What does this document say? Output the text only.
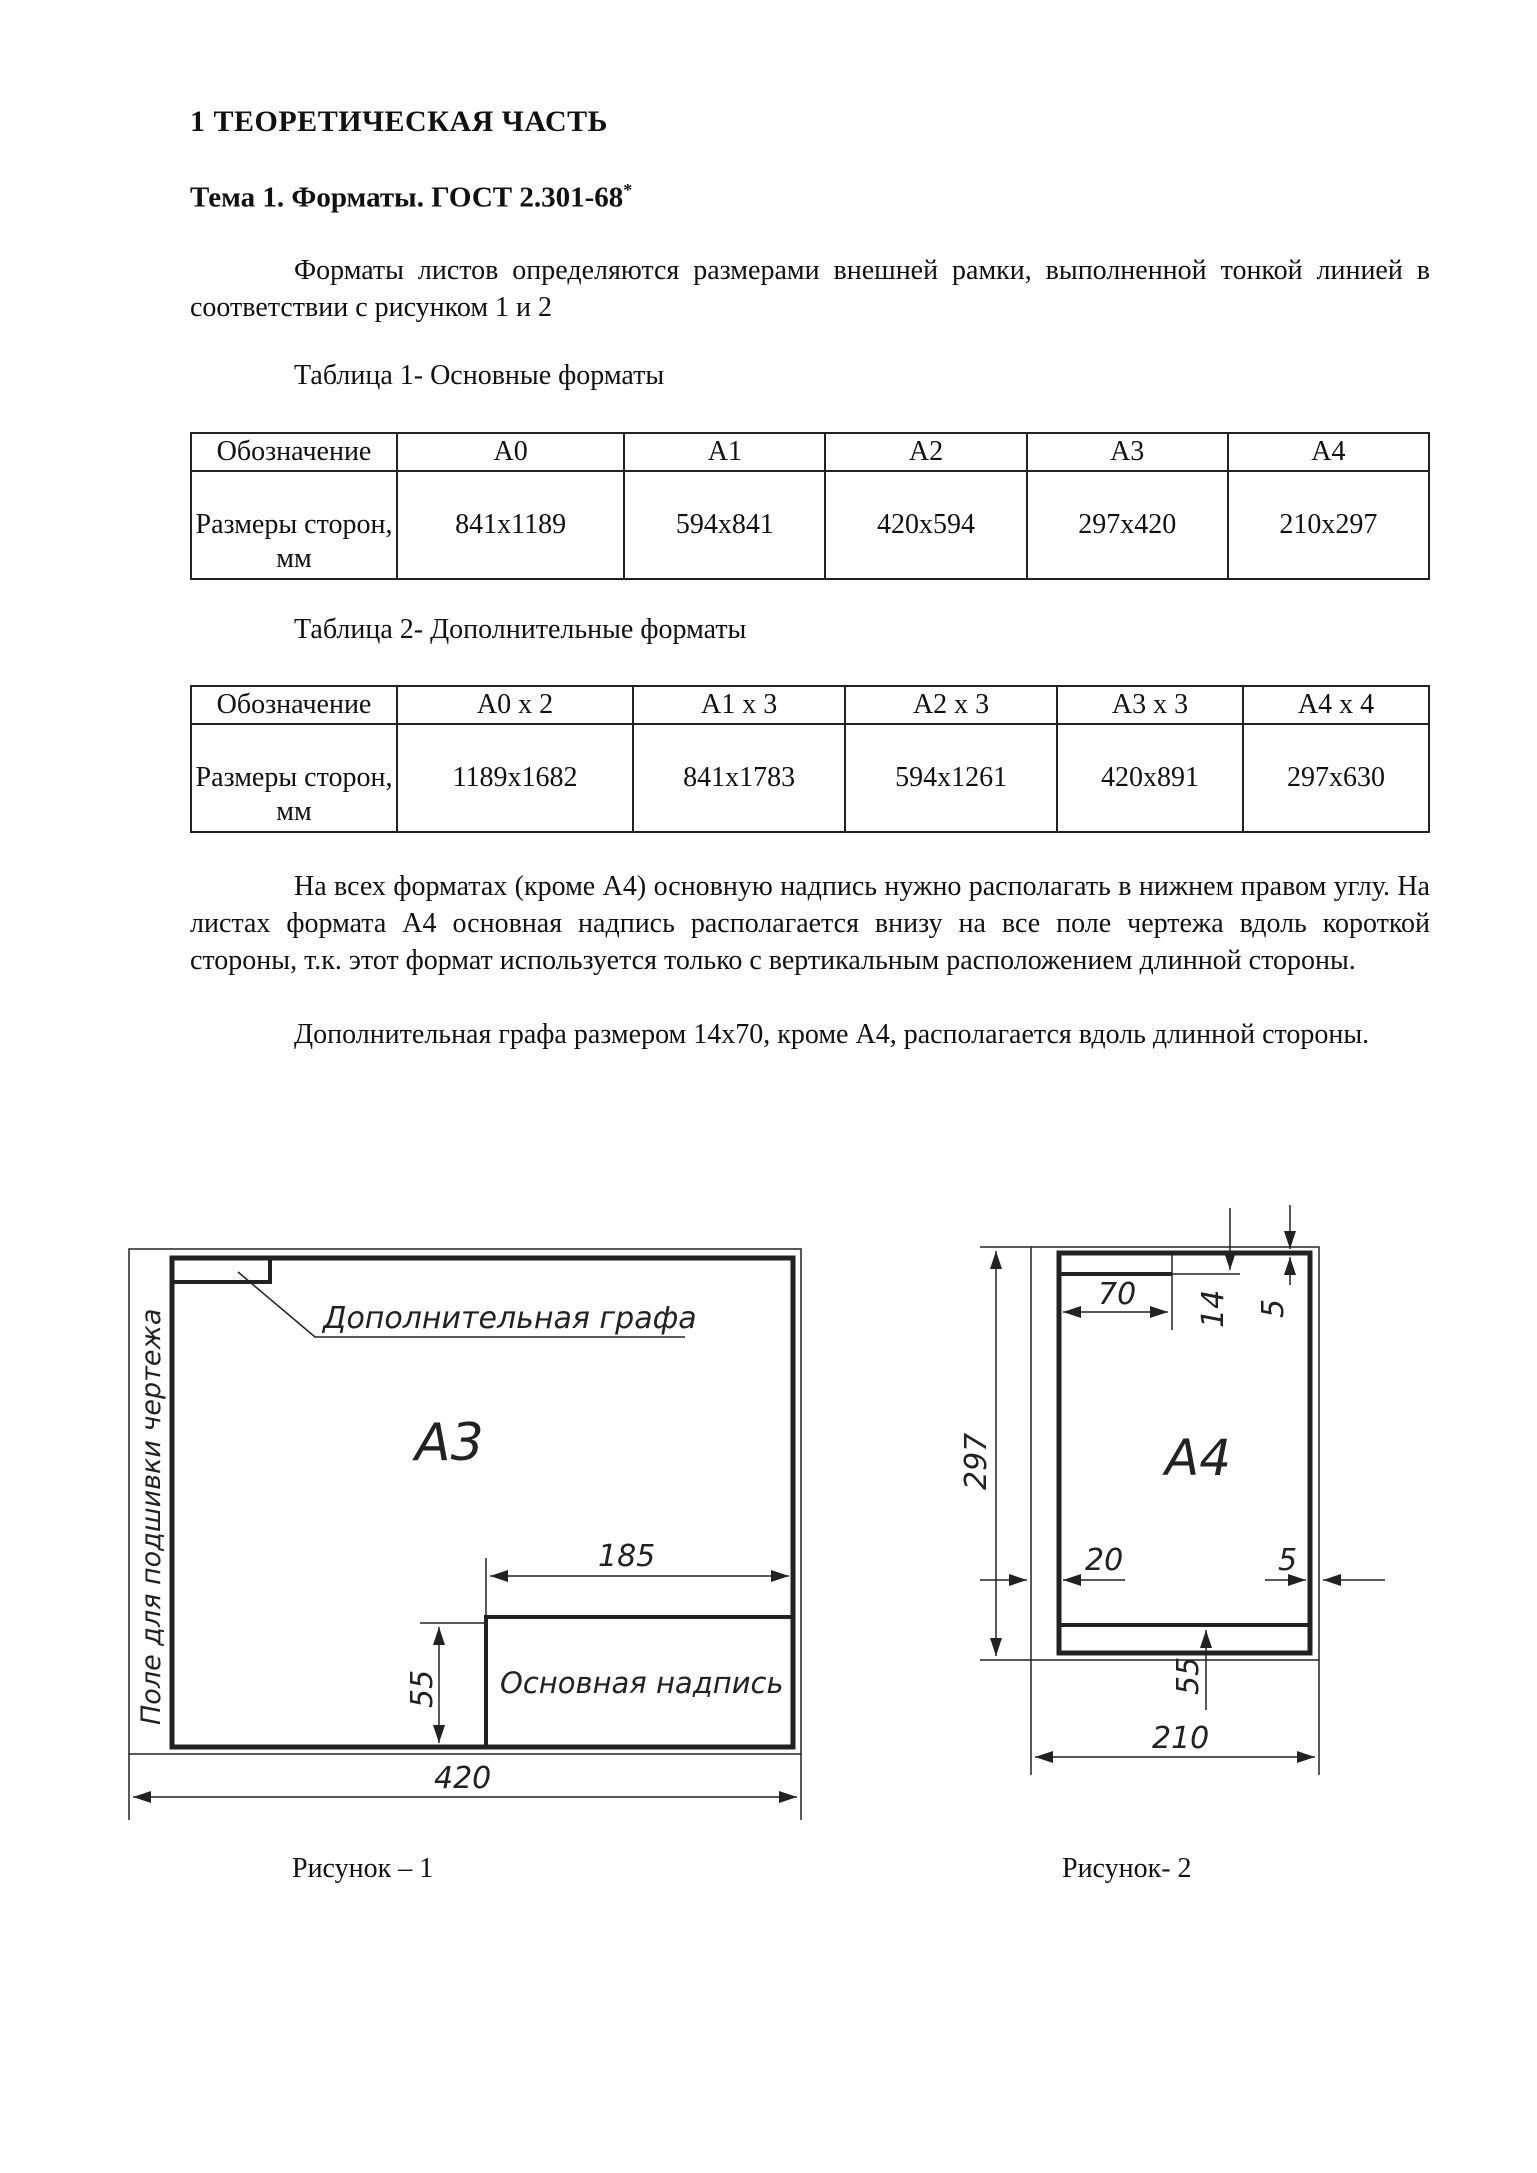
1 ТЕОРЕТИЧЕСКАЯ ЧАСТЬ
Тема 1. Форматы. ГОСТ 2.301-68*

Форматы листов определяются размерами внешней рамки, выполненной тонкой линией в соответствии с рисунком 1 и 2

Таблица 1- Основные форматы
Обозначение	А0	А1	А2	А3	А4
Размеры сторон, мм	841х1189	594х841	420х594	297х420	210х297
Таблица 2- Дополнительные форматы
Обозначение	А0 х 2	А1 х 3	А2 х 3	А3 х 3	А4 х 4
Размеры сторон, мм	1189х1682	841х1783	594х1261	420х891	297х630

На всех форматах (кроме А4) основную надпись нужно располагать в нижнем правом углу. На листах формата А4 основная надпись располагается внизу на все поле чертежа вдоль короткой стороны, т.к. этот формат используется только с вертикальным расположением длинной стороны.

Дополнительная графа размером 14х70, кроме А4, располагается вдоль длинной стороны.

Дополнительная графа
Поле для подшивки чертежа	А3
Основная надпись
185
55
420
70 14 5
297	А4
20	5
55
210
Рисунок – 1	Рисунок- 2
